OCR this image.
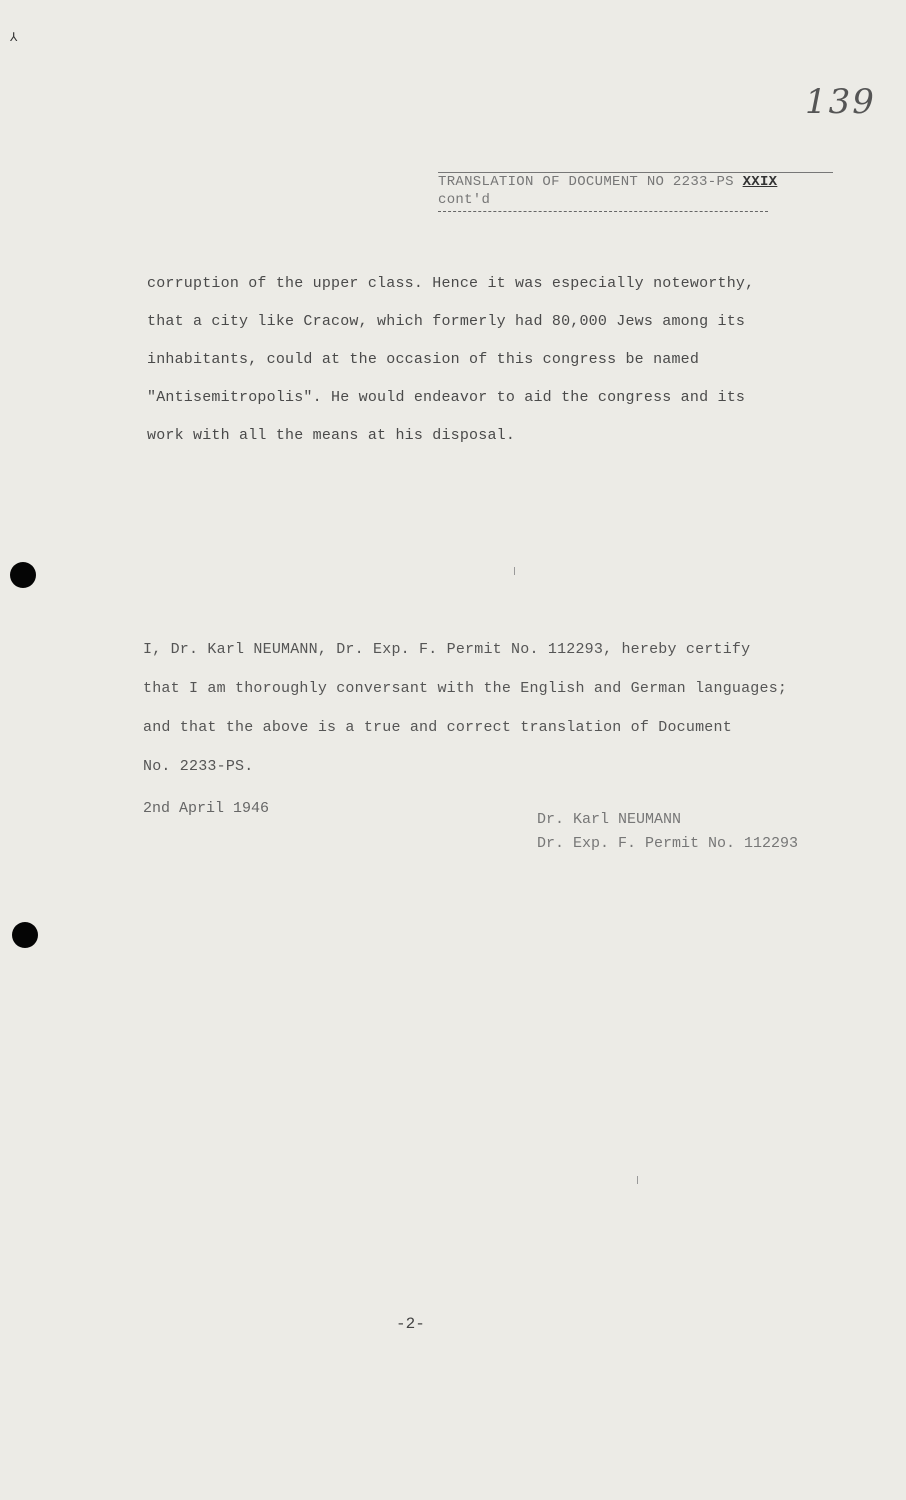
⅄
139
TRANSLATION OF DOCUMENT NO 2233-PS XXIX
cont'd
corruption of the upper class. Hence it was especially noteworthy,
that a city like Cracow, which formerly had 80,000 Jews among its
inhabitants, could at the occasion of this congress be named
"Antisemitropolis". He would endeavor to aid the congress and its
work with all the means at his disposal.
I, Dr. Karl NEUMANN, Dr. Exp. F. Permit No. 112293, hereby certify
that I am thoroughly conversant with the English and German languages;
and that the above is a true and correct translation of Document
No. 2233-PS.
2nd April 1946
Dr. Karl NEUMANN
Dr. Exp. F. Permit No. 112293
-2-
